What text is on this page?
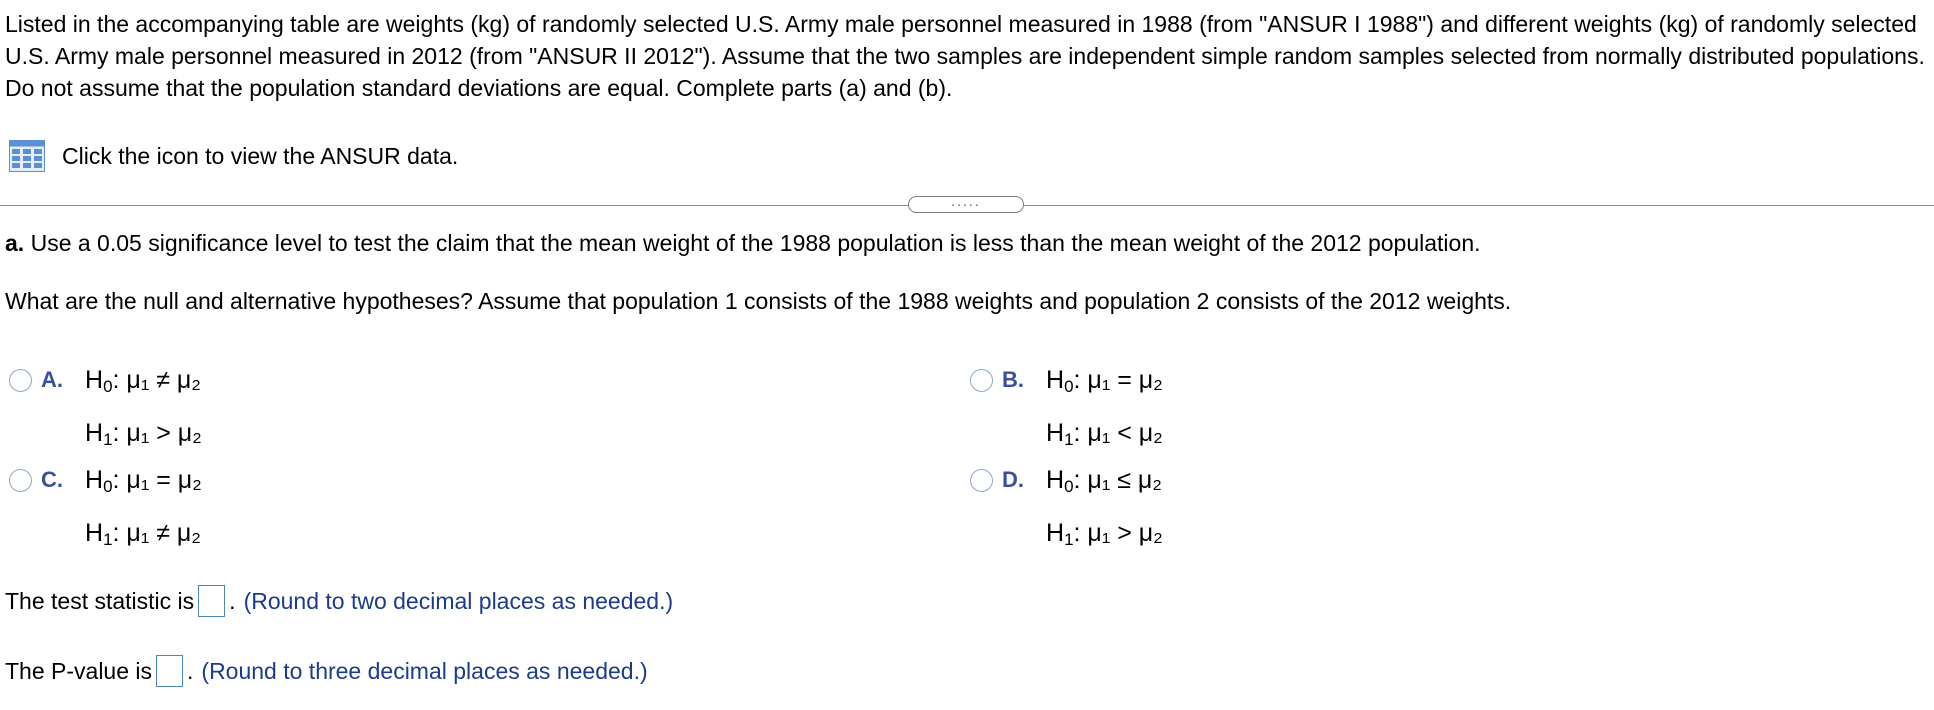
Listed in the accompanying table are weights (kg) of randomly selected U.S. Army male personnel measured in 1988 (from "ANSUR I 1988") and different weights (kg) of randomly selected U.S. Army male personnel measured in 2012 (from "ANSUR II 2012"). Assume that the two samples are independent simple random samples selected from normally distributed populations. Do not assume that the population standard deviations are equal. Complete parts (a) and (b).

Click the icon to view the ANSUR data.
.....

a. Use a 0.05 significance level to test the claim that the mean weight of the 1988 population is less than the mean weight of the 2012 population.

What are the null and alternative hypotheses? Assume that population 1 consists of the 1988 weights and population 2 consists of the 2012 weights.

A. $H_0$: μ₁ ≠ μ₂
$H_1$: μ₁ > μ₂
B. $H_0$: μ₁ = μ₂
$H_1$: μ₁ < μ₂
C. $H_0$: μ₁ = μ₂
$H_1$: μ₁ ≠ μ₂
D. $H_0$: μ₁ ≤ μ₂
$H_1$: μ₁ > μ₂
The test statistic is . (Round to two decimal places as needed.)
The P-value is . (Round to three decimal places as needed.)
